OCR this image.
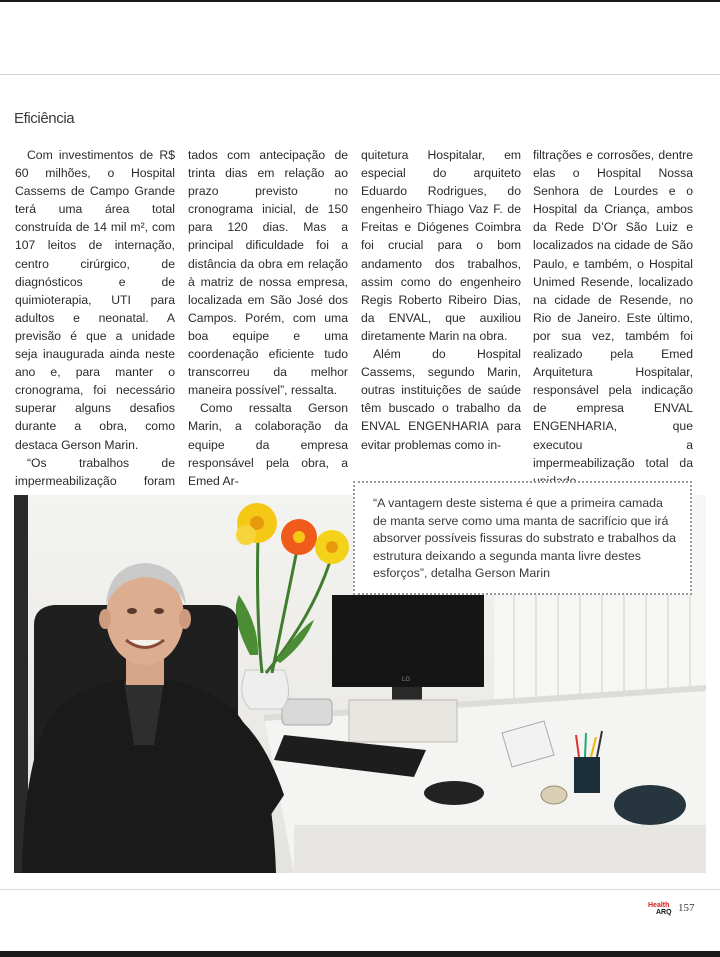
Eficiência

Com investimentos de R$ 60 milhões, o Hospital Cassems de Campo Grande terá uma área total construída de 14 mil m², com 107 leitos de internação, centro cirúrgico, de diagnósticos e de quimioterapia, UTI para adultos e neonatal. A previsão é que a unidade seja inaugurada ainda neste ano e, para manter o cronograma, foi necessário superar alguns desafios durante a obra, como destaca Gerson Marin.

“Os trabalhos de impermeabilização foram

tados com antecipação de trinta dias em relação ao prazo previsto no cronograma inicial, de 150 para 120 dias. Mas a principal dificuldade foi a distância da obra em relação à matriz de nossa empresa, localizada em São José dos Campos. Porém, com uma boa equipe e uma coordenação eficiente tudo transcorreu da melhor maneira possível”, ressalta.

Como ressalta Gerson Marin, a colaboração da equipe da empresa responsável pela obra, a Emed Ar-

quitetura Hospitalar, em especial do arquiteto Eduardo Rodrigues, do engenheiro Thiago Vaz F. de Freitas e Diógenes Coimbra foi crucial para o bom andamento dos trabalhos, assim como do engenheiro Regis Roberto Ribeiro Dias, da ENVAL, que auxiliou diretamente Marin na obra.

Além do Hospital Cassems, segundo Marin, outras instituições de saúde têm buscado o trabalho da ENVAL ENGENHARIA para evitar problemas como in-

filtrações e corrosões, dentre elas o Hospital Nossa Senhora de Lourdes e o Hospital da Criança, ambos da Rede D’Or São Luiz e localizados na cidade de São Paulo, e também, o Hospital Unimed Resende, localizado na cidade de Resende, no Rio de Janeiro. Este último, por sua vez, também foi realizado pela Emed Arquitetura Hospitalar, responsável pela indicação de empresa ENVAL ENGENHARIA, que executou a impermeabilização total da

LG
“A vantagem deste sistema é que a primeira camada de manta serve como uma manta de sacrifício que irá absorver possíveis fissuras do substrato e trabalhos da estrutura deixando a segunda manta livre destes esforços”, detalha Gerson Marin
Health
ARQ 157
